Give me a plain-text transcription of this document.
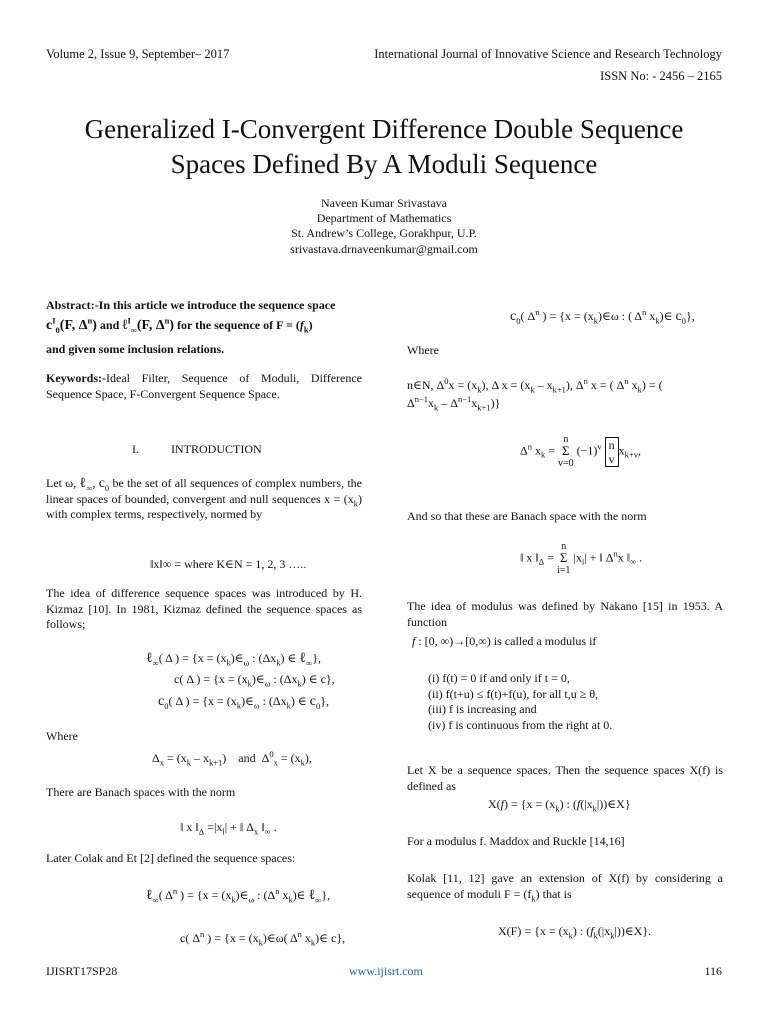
Volume 2, Issue 9, September– 2017	International Journal of Innovative Science and Research Technology
ISSN No: - 2456 – 2165
Generalized I-Convergent Difference Double Sequence
Spaces Defined By A Moduli Sequence
Naveen Kumar Srivastava
Department of Mathematics
St. Andrew’s College, Gorakhpur, U.P.
srivastava.drnaveenkumar@gmail.com
Abstract:-In this article we introduce the sequence space
$c^I_0(F$, $\Delta^n$) and ℓ$^I_\infty$(F, $\Delta^n$) for the sequence of $F = (f_k)$
and given some inclusion relations.
Keywords:-Ideal Filter, Sequence of Moduli, Difference Sequence Space, F-Convergent Sequence Space.
I.	INTRODUCTION
Let ω, ℓ$_\infty$, $c_0$ be the set of all sequences of complex numbers, the linear spaces of bounded, convergent and null sequences $x = (x_k)$ with complex terms, respectively, normed by
‖x‖∞ = where K∈N = 1, 2, 3 …..
The idea of difference sequence spaces was introduced by H. Kizmaz [10]. In 1981, Kizmaz defined the sequence spaces as follows;
ℓ$_\infty$( Δ ) = {$x = (x_k)\in_\omega$ : $(\Delta x_k)$ ∈ ℓ$_\infty$},
c( Δ ) = {$x = (x_k)\in_\omega$ : $(\Delta x_k)$ ∈ c},
$c_0$( Δ ) = {$x = (x_k)\in_\omega$ : $(\Delta x_k)$ ∈ $c_0$},
Where
$\Delta_x = (x_k - x_{k+1})$    and  $\Delta^0_x = (x_k)$,
There are Banach spaces with the norm
‖ x $‖_\Delta =|x_l|$ + ‖ $\Delta_x$ $‖_\infty$ .
Later Colak and Et [2] defined the sequence spaces:
ℓ$_\infty$( $\Delta^n$ ) = {$x = (x_k)\in_\omega$ : ($\Delta^n$ $x_k)\in$ ℓ$_\infty$},
c( $\Delta^n$ ) = {$x = (x_k)\in\omega$( $\Delta^n$ $x_k)\in$ c},
$c_0$( $\Delta^n$ ) = {$x = (x_k)\in\omega$ : ( $\Delta^n$ $x_k)\in$ $c_0$},
Where
n∈N, $\Delta^0x = (x_k)$, Δ $x = (x_k - x_{k+1})$, $\Delta^n$ x = ( $\Delta^n$ $x_k$) = (
$\Delta^{n-1}x_k - \Delta^{n-1}x_{k+1}$)}
$\Delta^n$ $x_k = n$
Σ
v=0 $(-1)^v$ n
$vx_{k+v}$,
And so that these are Banach space with the norm
‖ x $‖_\Delta = n$
Σ
i=1 $|x_i|$ + ‖ $\Delta^nx$ $‖_\infty$ .
The idea of modulus was defined by Nakano [15] in 1953. A function
f : [0, ∞)→[0,∞) is called a modulus if
(i) f(t) = 0 if and only if t = 0,
(ii) f(t+u) ≤ f(t)+f(u), for all t,u ≥ θ,
(iii) f is increasing and
(iv) f is continuous from the right at 0.
Let X be a sequence spaces. Then the sequence spaces X(f) is defined as
$X(f) = \{x = (x_k)$ : $(f(|x_k|))\in X$}
For a modulus f. Maddox and Ruckle [14,16]
Kolak [11, 12] gave an extension of X(f) by considering a sequence of moduli $F = (f_k)$ that is
$X(F) = \{x = (x_k)$ : $(f_k(|x_k|))\in X$}.
IJISRT17SP28	www.ijisrt.com	116
